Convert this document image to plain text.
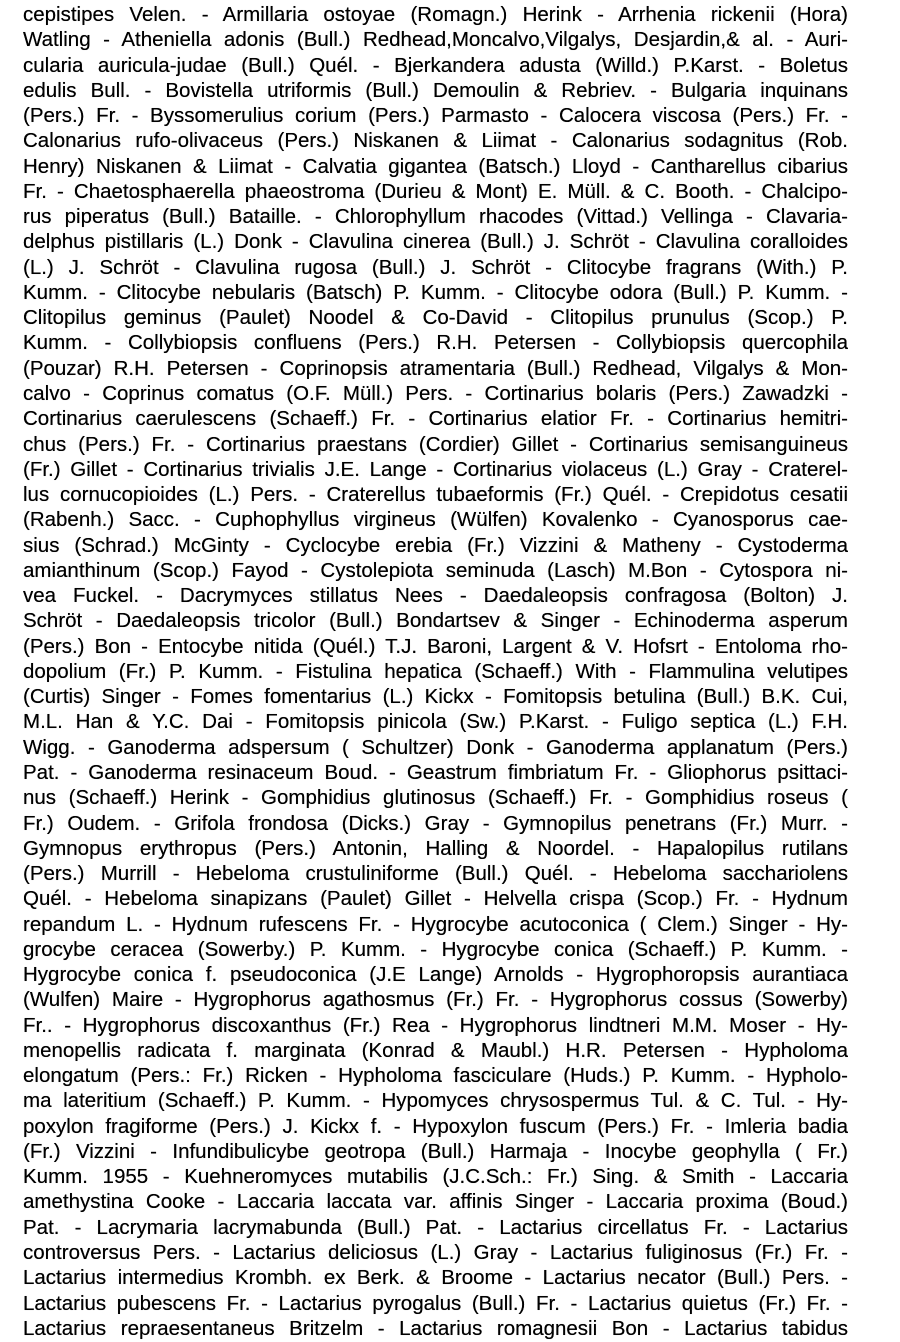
cepistipes Velen. - Armillaria ostoyae (Romagn.) Herink - Arrhenia rickenii (Hora)
Watling - Atheniella adonis (Bull.) Redhead,Moncalvo,Vilgalys, Desjardin,& al. - Auri-
cularia auricula-judae (Bull.) Quél. - Bjerkandera adusta (Willd.) P.Karst. - Boletus
edulis Bull. - Bovistella utriformis (Bull.) Demoulin & Rebriev. - Bulgaria inquinans
(Pers.) Fr. - Byssomerulius corium (Pers.) Parmasto - Calocera viscosa (Pers.) Fr. -
Calonarius rufo-olivaceus (Pers.) Niskanen & Liimat - Calonarius sodagnitus (Rob.
Henry) Niskanen & Liimat - Calvatia gigantea (Batsch.) Lloyd - Cantharellus cibarius
Fr. - Chaetosphaerella phaeostroma (Durieu & Mont) E. Müll. & C. Booth. - Chalcipo-
rus piperatus (Bull.) Bataille. - Chlorophyllum rhacodes (Vittad.) Vellinga - Clavaria-
delphus pistillaris (L.) Donk - Clavulina cinerea (Bull.) J. Schröt - Clavulina coralloides
(L.) J. Schröt - Clavulina rugosa (Bull.) J. Schröt - Clitocybe fragrans (With.) P.
Kumm. - Clitocybe nebularis (Batsch) P. Kumm. - Clitocybe odora (Bull.) P. Kumm. -
Clitopilus geminus (Paulet) Noodel & Co-David - Clitopilus prunulus (Scop.) P.
Kumm. - Collybiopsis confluens (Pers.) R.H. Petersen - Collybiopsis quercophila
(Pouzar) R.H. Petersen - Coprinopsis atramentaria (Bull.) Redhead, Vilgalys & Mon-
calvo - Coprinus comatus (O.F. Müll.) Pers. - Cortinarius bolaris (Pers.) Zawadzki -
Cortinarius caerulescens (Schaeff.) Fr. - Cortinarius elatior Fr. - Cortinarius hemitri-
chus (Pers.) Fr. - Cortinarius praestans (Cordier) Gillet - Cortinarius semisanguineus
(Fr.) Gillet - Cortinarius trivialis J.E. Lange - Cortinarius violaceus (L.) Gray - Craterel-
lus cornucopioides (L.) Pers. - Craterellus tubaeformis (Fr.) Quél. - Crepidotus cesatii
(Rabenh.) Sacc. - Cuphophyllus virgineus (Wülfen) Kovalenko - Cyanosporus cae-
sius (Schrad.) McGinty - Cyclocybe erebia (Fr.) Vizzini & Matheny - Cystoderma
amianthinum (Scop.) Fayod - Cystolepiota seminuda (Lasch) M.Bon - Cytospora ni-
vea Fuckel. - Dacrymyces stillatus Nees - Daedaleopsis confragosa (Bolton) J.
Schröt - Daedaleopsis tricolor (Bull.) Bondartsev & Singer - Echinoderma asperum
(Pers.) Bon - Entocybe nitida (Quél.) T.J. Baroni, Largent & V. Hofsrt - Entoloma rho-
dopolium (Fr.) P. Kumm. - Fistulina hepatica (Schaeff.) With - Flammulina velutipes
(Curtis) Singer - Fomes fomentarius (L.) Kickx - Fomitopsis betulina (Bull.) B.K. Cui,
M.L. Han & Y.C. Dai - Fomitopsis pinicola (Sw.) P.Karst. - Fuligo septica (L.) F.H.
Wigg. - Ganoderma adspersum ( Schultzer) Donk - Ganoderma applanatum (Pers.)
Pat. - Ganoderma resinaceum Boud. - Geastrum fimbriatum Fr. - Gliophorus psittaci-
nus (Schaeff.) Herink - Gomphidius glutinosus (Schaeff.) Fr. - Gomphidius roseus (
Fr.) Oudem. - Grifola frondosa (Dicks.) Gray - Gymnopilus penetrans (Fr.) Murr. -
Gymnopus erythropus (Pers.) Antonin, Halling & Noordel. - Hapalopilus rutilans
(Pers.) Murrill - Hebeloma crustuliniforme (Bull.) Quél. - Hebeloma sacchariolens
Quél. - Hebeloma sinapizans (Paulet) Gillet - Helvella crispa (Scop.) Fr. - Hydnum
repandum L. - Hydnum rufescens Fr. - Hygrocybe acutoconica ( Clem.) Singer - Hy-
grocybe ceracea (Sowerby.) P. Kumm. - Hygrocybe conica (Schaeff.) P. Kumm. -
Hygrocybe conica f. pseudoconica (J.E Lange) Arnolds - Hygrophoropsis aurantiaca
(Wulfen) Maire - Hygrophorus agathosmus (Fr.) Fr. - Hygrophorus cossus (Sowerby)
Fr.. - Hygrophorus discoxanthus (Fr.) Rea - Hygrophorus lindtneri M.M. Moser - Hy-
menopellis radicata f. marginata (Konrad & Maubl.) H.R. Petersen - Hypholoma
elongatum (Pers.: Fr.) Ricken - Hypholoma fasciculare (Huds.) P. Kumm. - Hypholo-
ma lateritium (Schaeff.) P. Kumm. - Hypomyces chrysospermus Tul. & C. Tul. - Hy-
poxylon fragiforme (Pers.) J. Kickx f. - Hypoxylon fuscum (Pers.) Fr. - Imleria badia
(Fr.) Vizzini - Infundibulicybe geotropa (Bull.) Harmaja - Inocybe geophylla ( Fr.)
Kumm. 1955 - Kuehneromyces mutabilis (J.C.Sch.: Fr.) Sing. & Smith - Laccaria
amethystina Cooke - Laccaria laccata var. affinis Singer - Laccaria proxima (Boud.)
Pat. - Lacrymaria lacrymabunda (Bull.) Pat. - Lactarius circellatus Fr. - Lactarius
controversus Pers. - Lactarius deliciosus (L.) Gray - Lactarius fuliginosus (Fr.) Fr. -
Lactarius intermedius Krombh. ex Berk. & Broome - Lactarius necator (Bull.) Pers. -
Lactarius pubescens Fr. - Lactarius pyrogalus (Bull.) Fr. - Lactarius quietus (Fr.) Fr. -
Lactarius repraesentaneus Britzelm - Lactarius romagnesii Bon - Lactarius tabidus
